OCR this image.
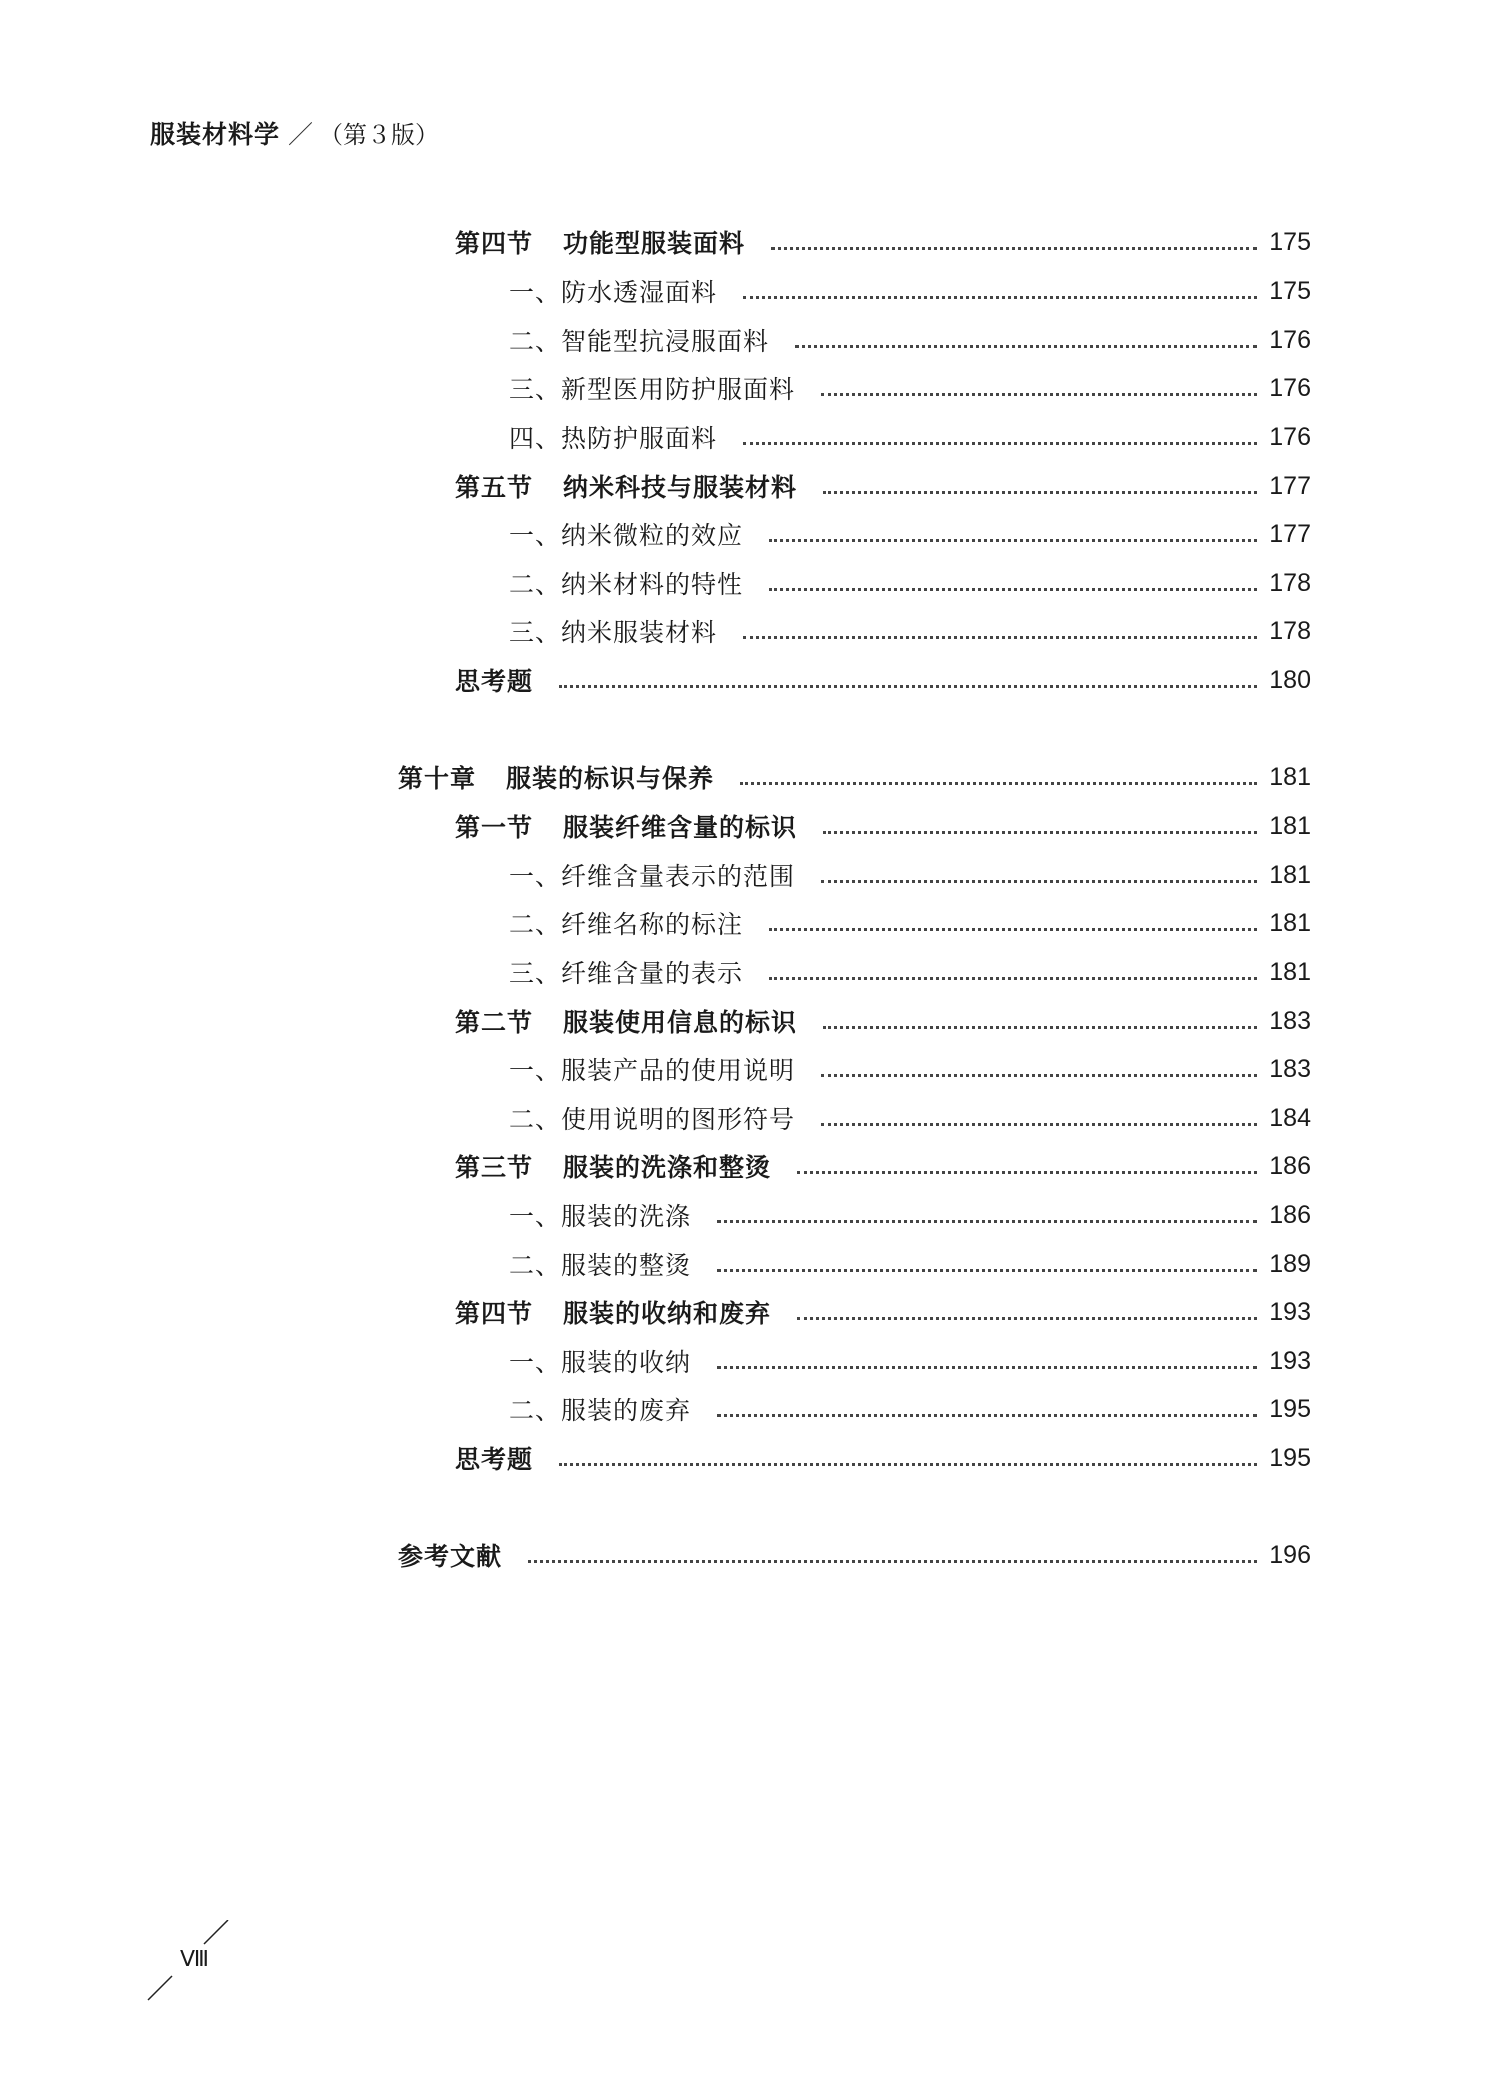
服装材料学 ／ （第３版）
第四节 功能型服装面料	175
一、防水透湿面料	175
二、智能型抗浸服面料	176
三、新型医用防护服面料	176
四、热防护服面料	176
第五节 纳米科技与服装材料	177
一、纳米微粒的效应	177
二、纳米材料的特性	178
三、纳米服装材料	178
思考题	180
第十章 服装的标识与保养	181
第一节 服装纤维含量的标识	181
一、纤维含量表示的范围	181
二、纤维名称的标注	181
三、纤维含量的表示	181
第二节 服装使用信息的标识	183
一、服装产品的使用说明	183
二、使用说明的图形符号	184
第三节 服装的洗涤和整烫	186
一、服装的洗涤	186
二、服装的整烫	189
第四节 服装的收纳和废弃	193
一、服装的收纳	193
二、服装的废弃	195
思考题	195
参考文献	196
Ⅷ
